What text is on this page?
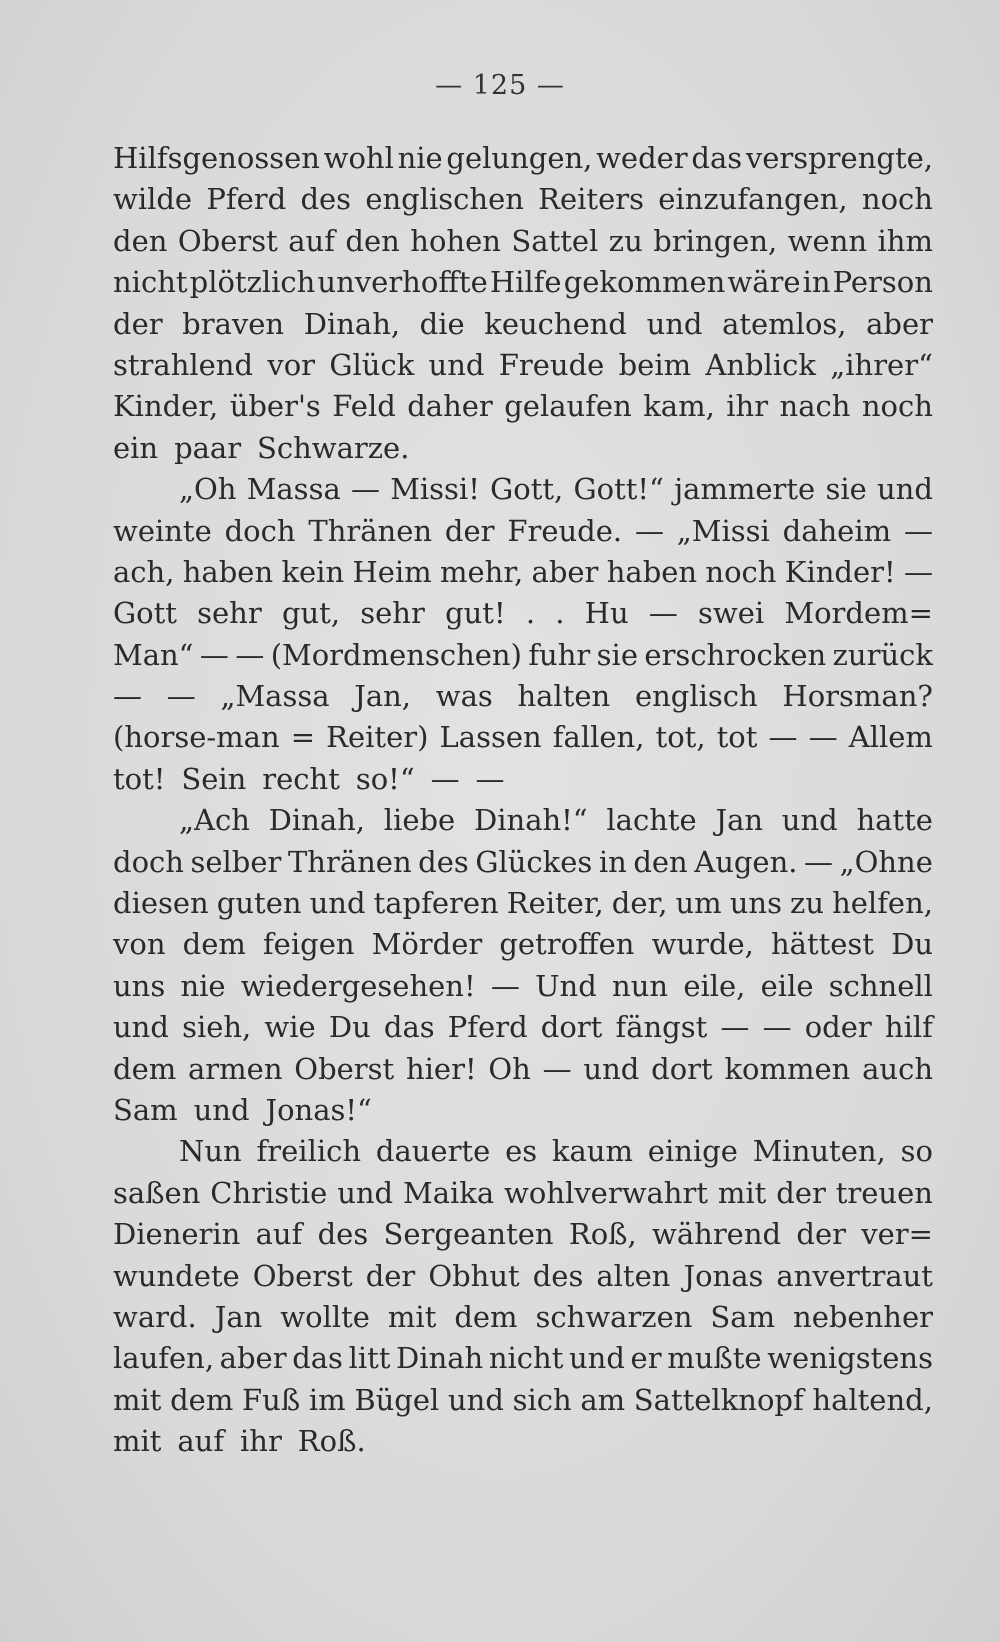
— 125 —
Hilfsgenossen wohl nie gelungen, weder das versprengte,
wilde Pferd des englischen Reiters einzufangen, noch
den Oberst auf den hohen Sattel zu bringen, wenn ihm
nicht plötzlich unverhoffte Hilfe gekommen wäre in Person
der braven Dinah, die keuchend und atemlos, aber
strahlend vor Glück und Freude beim Anblick „ihrer“
Kinder, über's Feld daher gelaufen kam, ihr nach noch
ein paar Schwarze.
„Oh Massa — Missi! Gott, Gott!“ jammerte sie und
weinte doch Thränen der Freude. — „Missi daheim —
ach, haben kein Heim mehr, aber haben noch Kinder! —
Gott sehr gut, sehr gut! . . Hu — swei Mordem=
Man“ — — (Mordmenschen) fuhr sie erschrocken zurück
— — „Massa Jan, was halten englisch Horsman?
(horse-man = Reiter) Lassen fallen, tot, tot — — Allem
tot! Sein recht so!“ — —
„Ach Dinah, liebe Dinah!“ lachte Jan und hatte
doch selber Thränen des Glückes in den Augen. — „Ohne
diesen guten und tapferen Reiter, der, um uns zu helfen,
von dem feigen Mörder getroffen wurde, hättest Du
uns nie wiedergesehen! — Und nun eile, eile schnell
und sieh, wie Du das Pferd dort fängst — — oder hilf
dem armen Oberst hier! Oh — und dort kommen auch
Sam und Jonas!“
Nun freilich dauerte es kaum einige Minuten, so
saßen Christie und Maika wohlverwahrt mit der treuen
Dienerin auf des Sergeanten Roß, während der ver=
wundete Oberst der Obhut des alten Jonas anvertraut
ward. Jan wollte mit dem schwarzen Sam nebenher
laufen, aber das litt Dinah nicht und er mußte wenigstens
mit dem Fuß im Bügel und sich am Sattelknopf haltend,
mit auf ihr Roß.
